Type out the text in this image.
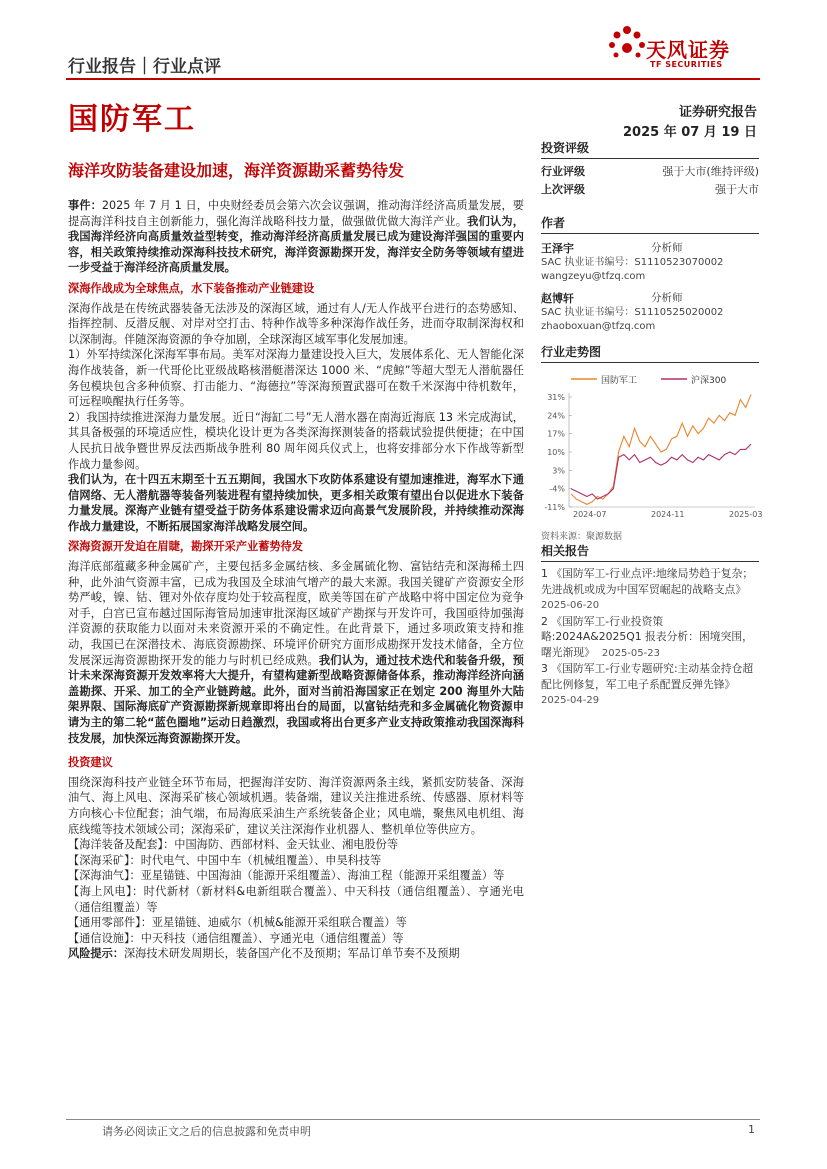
行业报告｜行业点评
天风证券
TF SECURITIES
国防军工	证券研究报告
2025 年 07 月 19 日
海洋攻防装备建设加速，海洋资源勘采蓄势待发

事件：2025 年 7 月 1 日，中央财经委员会第六次会议强调，推动海洋经济高质量发展，要提高海洋科技自主创新能力，强化海洋战略科技力量，做强做优做大海洋产业。我们认为，我国海洋经济向高质量效益型转变，推动海洋经济高质量发展已成为建设海洋强国的重要内容，相关政策持续推动深海科技技术研究，海洋资源勘探开发，海洋安全防务等领域有望进一步受益于海洋经济高质量发展。

深海作战成为全球焦点，水下装备推动产业链建设

深海作战是在传统武器装备无法涉及的深海区域，通过有人/无人作战平台进行的态势感知、指挥控制、反潜反舰、对岸对空打击、特种作战等多种深海作战任务，进而夺取制深海权和以深制海。伴随深海资源的争夺加剧，全球深海区域军事化发展加速。

1）外军持续深化深海军事布局。美军对深海力量建设投入巨大，发展体系化、无人智能化深海作战装备，新一代哥伦比亚级战略核潜艇潜深达 1000 米、“虎鲸”等超大型无人潜航器任务包模块包含多种侦察、打击能力、“海德拉”等深海预置武器可在数千米深海中待机数年，可远程唤醒执行任务等。

2）我国持续推进深海力量发展。近日“海缸二号”无人潜水器在南海近海底 13 米完成海试，其具备极强的环境适应性，模块化设计更为各类深海探测装备的搭载试验提供便捷；在中国人民抗日战争暨世界反法西斯战争胜利 80 周年阅兵仪式上，也将安排部分水下作战等新型作战力量参阅。

我们认为，在十四五末期至十五五期间，我国水下攻防体系建设有望加速推进，海军水下通信网络、无人潜航器等装备列装进程有望持续加快，更多相关政策有望出台以促进水下装备力量发展。深海产业链有望受益于防务体系建设需求迈向高景气发展阶段，并持续推动深海作战力量建设，不断拓展国家海洋战略发展空间。

深海资源开发迫在眉睫，勘探开采产业蓄势待发

海洋底部蕴藏多种金属矿产，主要包括多金属结核、多金属硫化物、富钴结壳和深海稀土四种，此外油气资源丰富，已成为我国及全球油气增产的最大来源。我国关键矿产资源安全形势严峻，镍、钴、锂对外依存度均处于较高程度，欧美等国在矿产战略中将中国定位为竞争对手，白宫已宣布越过国际海管局加速审批深海区域矿产勘探与开发许可，我国亟待加强海洋资源的获取能力以面对未来资源开采的不确定性。在此背景下，通过多项政策支持和推动，我国已在深潜技术、海底资源勘探、环境评价研究方面形成勘探开发技术储备，全方位发展深远海资源勘探开发的能力与时机已经成熟。我们认为，通过技术迭代和装备升级，预计未来深海资源开发效率将大大提升，有望构建新型战略资源储备体系，推动海洋经济向涵盖勘探、开采、加工的全产业链跨越。此外，面对当前沿海国家正在划定 200 海里外大陆架界限、国际海底矿产资源勘探新规章即将出台的局面，以富钴结壳和多金属硫化物资源申请为主的第二轮“蓝色圈地”运动日趋激烈，我国或将出台更多产业支持政策推动我国深海科技发展，加快深远海资源勘探开发。

投资建议

围绕深海科技产业链全环节布局，把握海洋安防、海洋资源两条主线，紧抓安防装备、深海油气、海上风电、深海采矿核心领域机遇。装备端，建议关注推进系统、传感器、原材料等方向核心卡位配套；油气端，布局海底采油生产系统装备企业；风电端，聚焦风电机组、海底线缆等技术领域公司；深海采矿，建议关注深海作业机器人、整机单位等供应方。

【海洋装备及配套】：中国海防、西部材料、金天钛业、湘电股份等

【深海采矿】：时代电气、中国中车（机械组覆盖）、申昊科技等

【深海油气】：亚星锚链、中国海油（能源开采组覆盖）、海油工程（能源开采组覆盖）等

【海上风电】：时代新材（新材料&电新组联合覆盖）、中天科技（通信组覆盖）、亨通光电（通信组覆盖）等

【通用零部件】：亚星锚链、迪威尔（机械&能源开采组联合覆盖）等

【通信设施】：中天科技（通信组覆盖）、亨通光电（通信组覆盖）等

风险提示：深海技术研发周期长，装备国产化不及预期；军品订单节奏不及预期

投资评级
行业评级	强于大市(维持评级)
上次评级	强于大市
作者
王泽宇	分析师
SAC 执业证书编号：S1110523070002
wangzeyu@tfzq.com
赵博轩	分析师
SAC 执业证书编号：S1110525020002
zhaoboxuan@tfzq.com
行业走势图
国防军工	沪深300
31%
24%
17%
10%
3%
-4%
-11%
2024-07	2024-11	2025-03
资料来源：聚源数据
相关报告
1 《国防军工-行业点评:地缘局势趋于复杂；先进战机或成为中国军贸崛起的战略支点》  2025-06-20
2 《国防军工-行业投资策略:2024A&2025Q1 报表分析：困境突围，曙光渐现》 2025-05-23
3 《国防军工-行业专题研究:主动基金持仓超配比例修复，军工电子系配置反弹先锋》  2025-04-29
请务必阅读正文之后的信息披露和免责申明	1
